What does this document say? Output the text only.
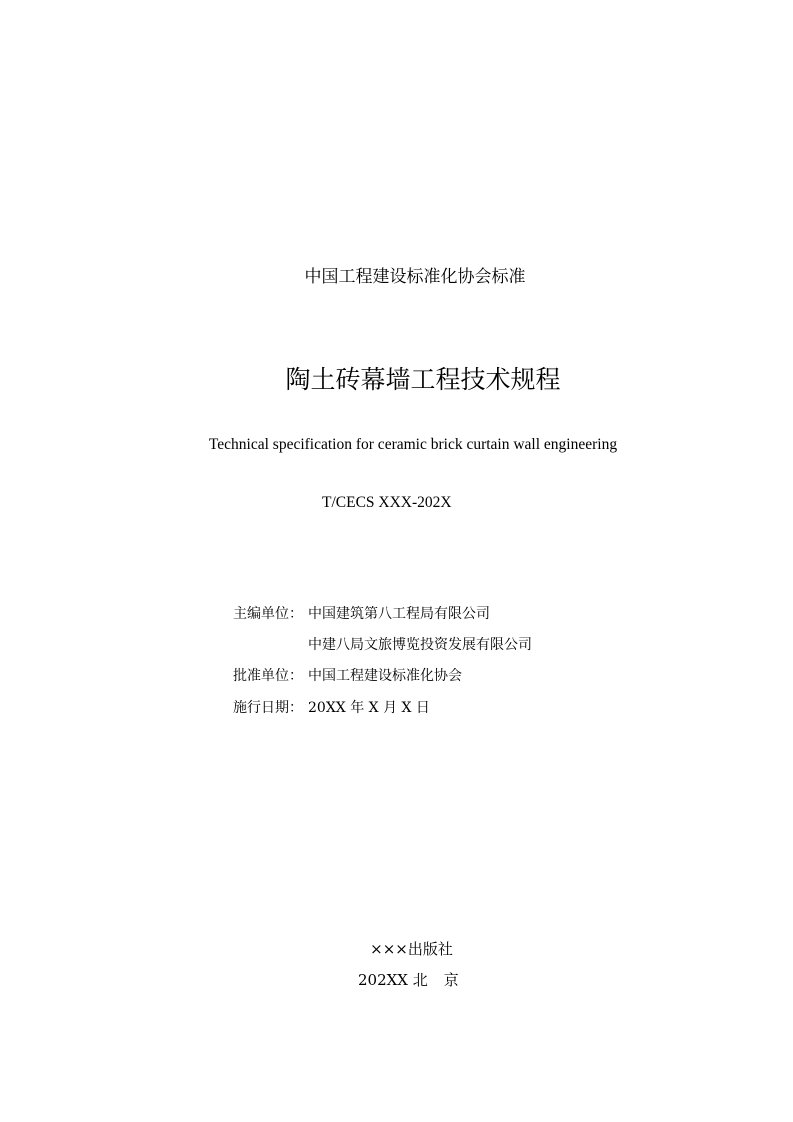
中国工程建设标准化协会标准
陶土砖幕墙工程技术规程
Technical specification for ceramic brick curtain wall engineering
T/CECS XXX-202X
主编单位： 中国建筑第八工程局有限公司
中建八局文旅博览投资发展有限公司
批准单位： 中国工程建设标准化协会
施行日期： 20XX 年 X 月 X 日
×××出版社
202XX 北 京
